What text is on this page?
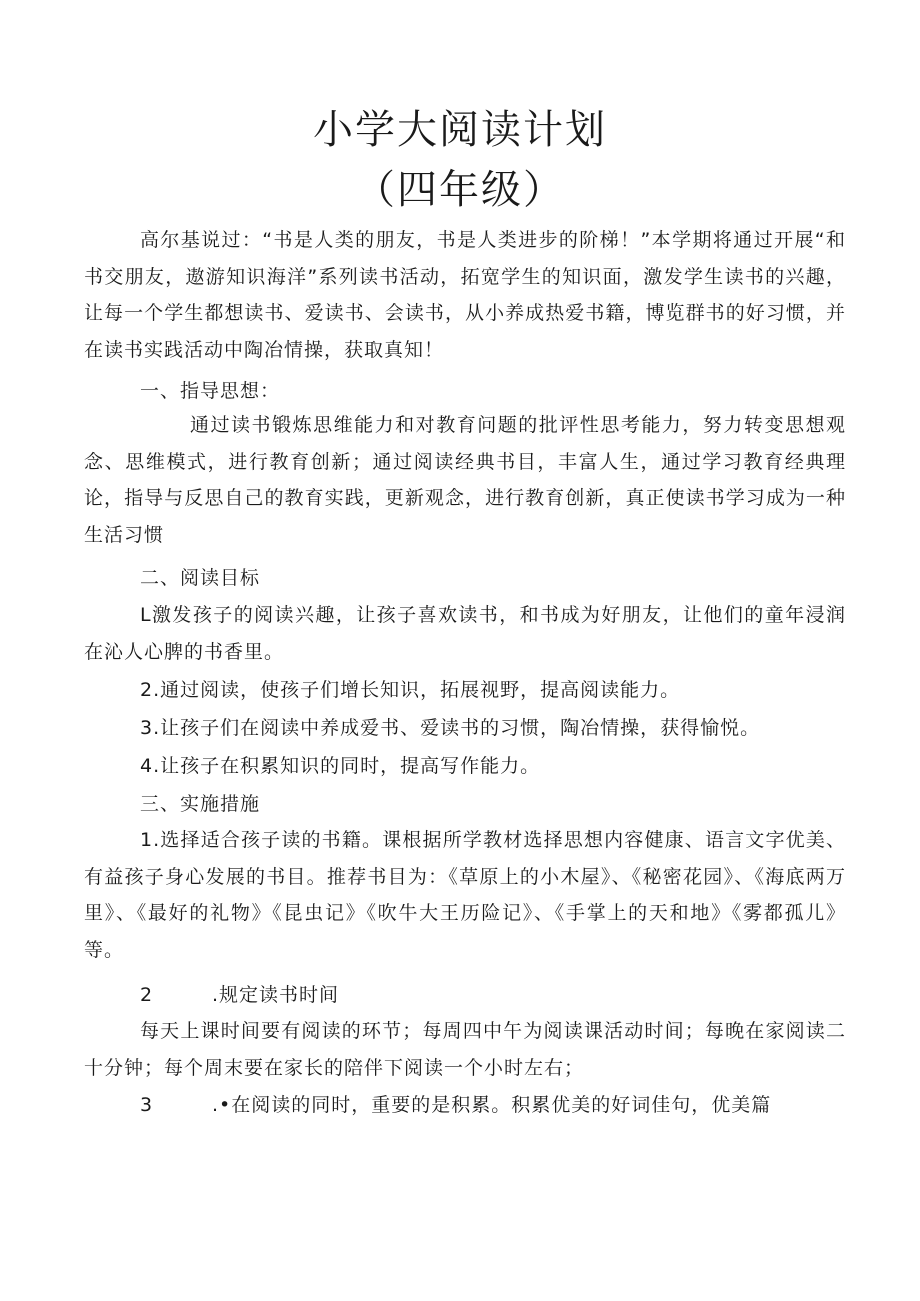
小学大阅读计划
（四年级）
高尔基说过：“书是人类的朋友，书是人类进步的阶梯！”本学期将通过开展“和书交朋友，遨游知识海洋”系列读书活动，拓宽学生的知识面，激发学生读书的兴趣，让每一个学生都想读书、爱读书、会读书，从小养成热爱书籍，博览群书的好习惯，并在读书实践活动中陶冶情操，获取真知！
一、指导思想：
通过读书锻炼思维能力和对教育问题的批评性思考能力，努力转变思想观念、思维模式，进行教育创新；通过阅读经典书目，丰富人生，通过学习教育经典理论，指导与反思自己的教育实践，更新观念，进行教育创新，真正使读书学习成为一种生活习惯
二、阅读目标
L激发孩子的阅读兴趣，让孩子喜欢读书，和书成为好朋友，让他们的童年浸润在沁人心脾的书香里。
2.通过阅读，使孩子们增长知识，拓展视野，提高阅读能力。
3.让孩子们在阅读中养成爱书、爱读书的习惯，陶冶情操，获得愉悦。
4.让孩子在积累知识的同时，提高写作能力。
三、实施措施
1.选择适合孩子读的书籍。课根据所学教材选择思想内容健康、语言文字优美、有益孩子身心发展的书目。推荐书目为：《草原上的小木屋》、《秘密花园》、《海底两万里》、《最好的礼物》《昆虫记》《吹牛大王历险记》、《手掌上的天和地》《雾都孤儿》等。
2	.规定读书时间
每天上课时间要有阅读的环节；每周四中午为阅读课活动时间；每晚在家阅读二十分钟；每个周末要在家长的陪伴下阅读一个小时左右；
3	.•在阅读的同时，重要的是积累。积累优美的好词佳句，优美篇
